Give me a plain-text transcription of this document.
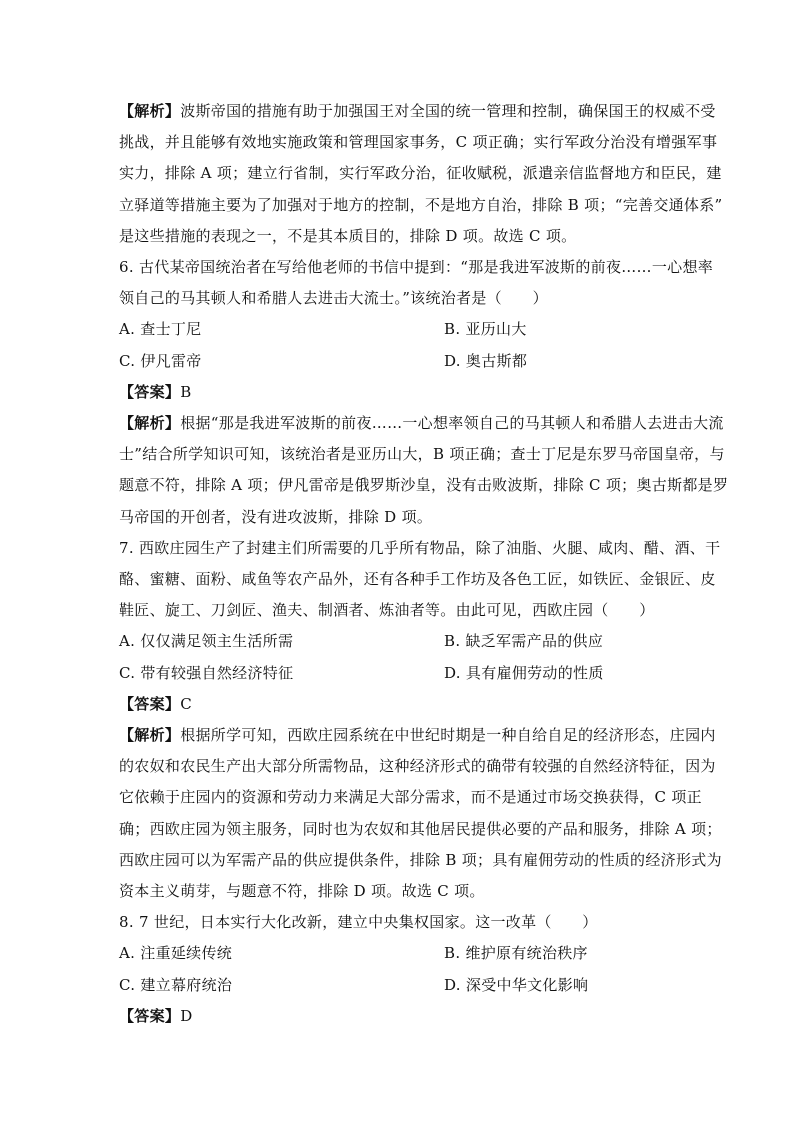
【解析】波斯帝国的措施有助于加强国王对全国的统一管理和控制，确保国王的权威不受

挑战，并且能够有效地实施政策和管理国家事务，C 项正确；实行军政分治没有增强军事

实力，排除 A 项；建立行省制，实行军政分治，征收赋税，派遣亲信监督地方和臣民，建

立驿道等措施主要为了加强对于地方的控制，不是地方自治，排除 B 项；“完善交通体系”

是这些措施的表现之一，不是其本质目的，排除 D 项。故选 C 项。

6. 古代某帝国统治者在写给他老师的书信中提到：“那是我进军波斯的前夜……一心想率

领自己的马其顿人和希腊人去进击大流士。”该统治者是（　　）

A. 查士丁尼	B. 亚历山大
C. 伊凡雷帝	D. 奥古斯都

【答案】B

【解析】根据“那是我进军波斯的前夜……一心想率领自己的马其顿人和希腊人去进击大流

士”结合所学知识可知，该统治者是亚历山大，B 项正确；查士丁尼是东罗马帝国皇帝，与

题意不符，排除 A 项；伊凡雷帝是俄罗斯沙皇，没有击败波斯，排除 C 项；奥古斯都是罗

马帝国的开创者，没有进攻波斯，排除 D 项。

7. 西欧庄园生产了封建主们所需要的几乎所有物品，除了油脂、火腿、咸肉、醋、酒、干

酪、蜜糖、面粉、咸鱼等农产品外，还有各种手工作坊及各色工匠，如铁匠、金银匠、皮

鞋匠、旋工、刀剑匠、渔夫、制酒者、炼油者等。由此可见，西欧庄园（　　）

A. 仅仅满足领主生活所需	B. 缺乏军需产品的供应
C. 带有较强自然经济特征	D. 具有雇佣劳动的性质

【答案】C

【解析】根据所学可知，西欧庄园系统在中世纪时期是一种自给自足的经济形态，庄园内

的农奴和农民生产出大部分所需物品，这种经济形式的确带有较强的自然经济特征，因为

它依赖于庄园内的资源和劳动力来满足大部分需求，而不是通过市场交换获得，C 项正

确；西欧庄园为领主服务，同时也为农奴和其他居民提供必要的产品和服务，排除 A 项；

西欧庄园可以为军需产品的供应提供条件，排除 B 项；具有雇佣劳动的性质的经济形式为

资本主义萌芽，与题意不符，排除 D 项。故选 C 项。

8. 7 世纪，日本实行大化改新，建立中央集权国家。这一改革（　　）

A. 注重延续传统	B. 维护原有统治秩序
C. 建立幕府统治	D. 深受中华文化影响

【答案】D
